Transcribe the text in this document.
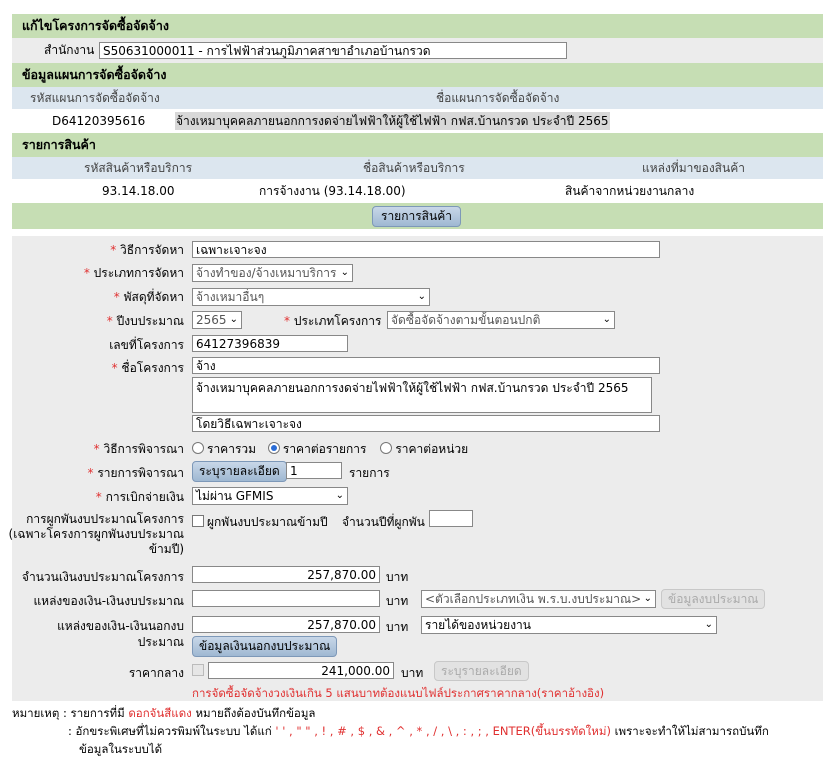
แก้ไขโครงการจัดซื้อจัดจ้าง
สำนักงาน S50631000011 - การไฟฟ้าส่วนภูมิภาคสาขาอำเภอบ้านกรวด
ข้อมูลแผนการจัดซื้อจัดจ้าง
รหัสแผนการจัดซื้อจัดจ้าง	ชื่อแผนการจัดซื้อจัดจ้าง
D64120395616	จ้างเหมาบุคคลภายนอกการงดจ่ายไฟฟ้าให้ผู้ใช้ไฟฟ้า กฟส.บ้านกรวด ประจำปี 2565
รายการสินค้า
รหัสสินค้าหรือบริการ	ชื่อสินค้าหรือบริการ	แหล่งที่มาของสินค้า
93.14.18.00	การจ้างงาน (93.14.18.00)	สินค้าจากหน่วยงานกลาง
รายการสินค้า
* วิธีการจัดหา	เฉพาะเจาะจง
* ประเภทการจัดหา	จ้างทำของ/จ้างเหมาบริการ ⌄
* พัสดุที่จัดหา	จ้างเหมาอื่นๆ	⌄
* ปีงบประมาณ	2565 ⌄	* ประเภทโครงการ จัดซื้อจัดจ้างตามขั้นตอนปกติ	⌄
เลขที่โครงการ	64127396839
* ชื่อโครงการ	จ้าง
จ้างเหมาบุคคลภายนอกการงดจ่ายไฟฟ้าให้ผู้ใช้ไฟฟ้า กฟส.บ้านกรวด ประจำปี 2565
โดยวิธีเฉพาะเจาะจง
* วิธีการพิจารณา	ราคารวม ราคาต่อรายการ ราคาต่อหน่วย
* รายการพิจารณา	ระบุรายละเอียด 1	รายการ
* การเบิกจ่ายเงิน	ไม่ผ่าน GFMIS	⌄
การผูกพันงบประมาณโครงการ
(เฉพาะโครงการผูกพันงบประมาณ
ข้ามปี)
ผูกพันงบประมาณข้ามปี จำนวนปีที่ผูกพัน
จำนวนเงินงบประมาณโครงการ	257,870.00 บาท
แหล่งของเงิน-เงินงบประมาณ	บาท	<ตัวเลือกประเภทเงิน พ.ร.บ.งบประมาณ> ⌄	ข้อมูลงบประมาณ
แหล่งของเงิน-เงินนอกงบ
ประมาณ
257,870.00 บาท	รายได้ของหน่วยงาน	⌄
ข้อมูลเงินนอกงบประมาณ
ราคากลาง	241,000.00 บาท	ระบุรายละเอียด
การจัดซื้อจัดจ้างวงเงินเกิน 5 แสนบาทต้องแนบไฟล์ประกาศราคากลาง(ราคาอ้างอิง)
หมายเหตุ : รายการที่มี ดอกจันสีแดง หมายถึงต้องบันทึกข้อมูล
: อักขระพิเศษที่ไม่ควรพิมพ์ในระบบ ได้แก่ ' ' , " " , ! , # , $ , & , ^ , * , / , \ , : , ; , ENTER(ขึ้นบรรทัดใหม่) เพราะจะทำให้ไม่สามารถบันทึก
ข้อมูลในระบบได้
